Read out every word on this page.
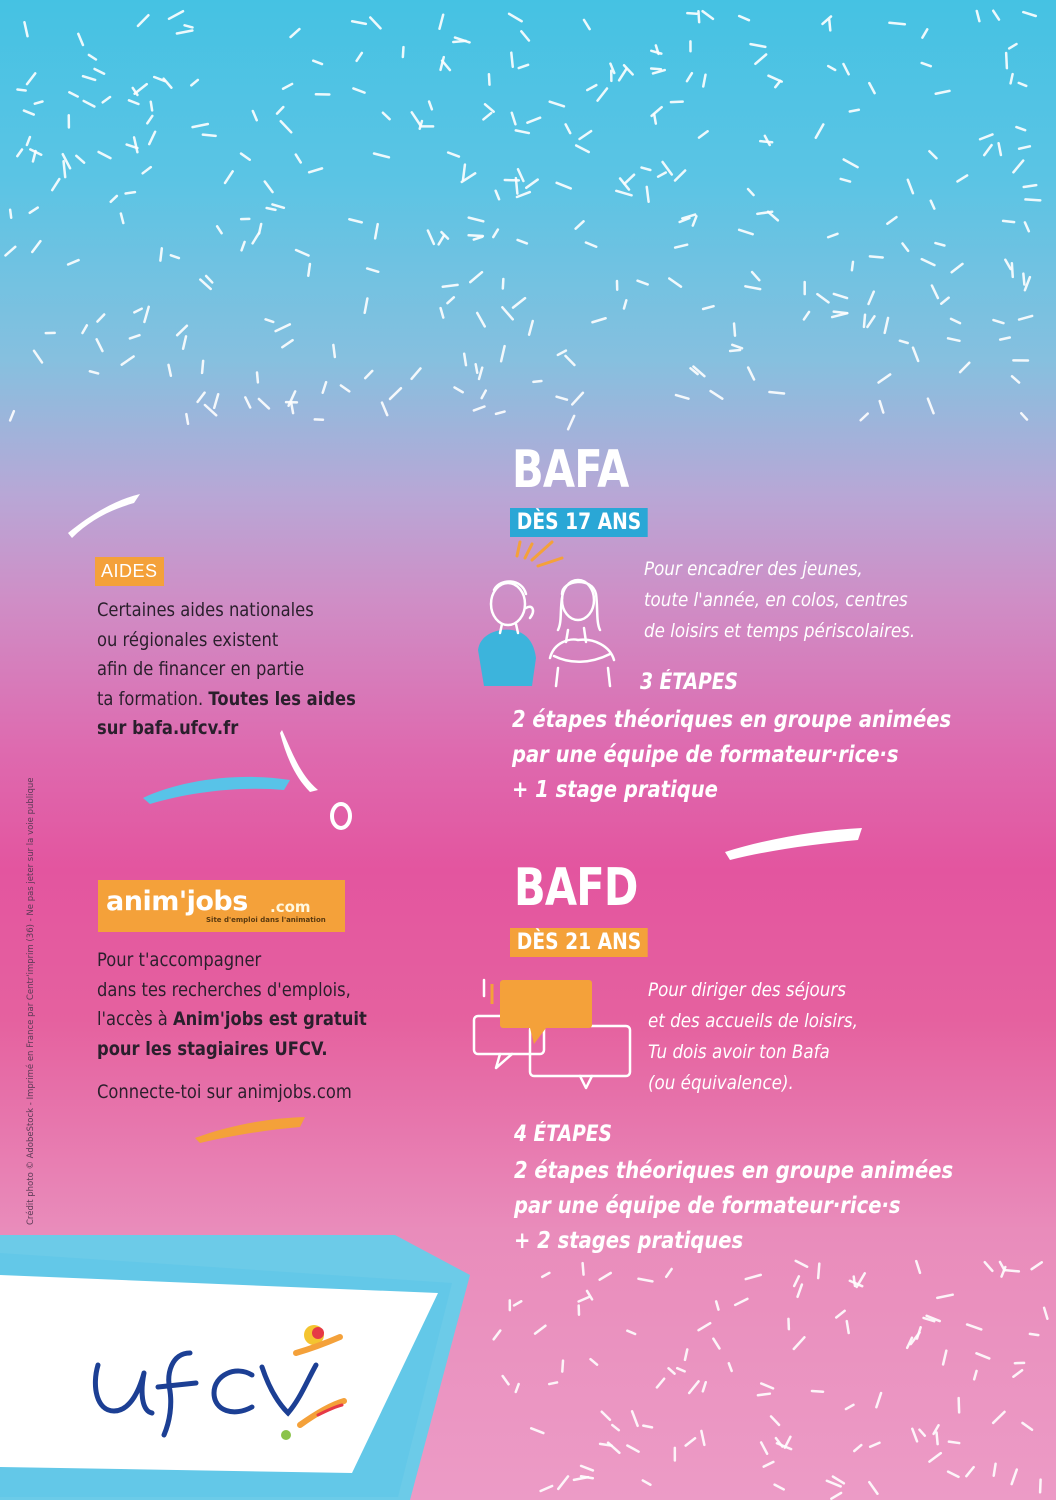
Crédit photo © AdobeStock - Imprimé en France par Centr'imprim (36) - Ne pas jeter sur la voie publique
BAFA
DÈS 17 ANS
Pour encadrer des jeunes,
toute l'année, en colos, centres
de loisirs et temps périscolaires.
3 ÉTAPES
2 étapes théoriques en groupe animées
par une équipe de formateur·rice·s
+ 1 stage pratique
BAFD
DÈS 21 ANS
Pour diriger des séjours
et des accueils de loisirs,
Tu dois avoir ton Bafa
(ou équivalence).
4 ÉTAPES
2 étapes théoriques en groupe animées
par une équipe de formateur·rice·s
+ 2 stages pratiques
AIDES
Certaines aides nationales
ou régionales existent
afin de financer en partie
ta formation. Toutes les aides
sur bafa.ufcv.fr
anim'jobs .com
Site d'emploi dans l'animation
Pour t'accompagner
dans tes recherches d'emplois,
l'accès à Anim'jobs est gratuit
pour les stagiaires UFCV.
Connecte-toi sur animjobs.com
